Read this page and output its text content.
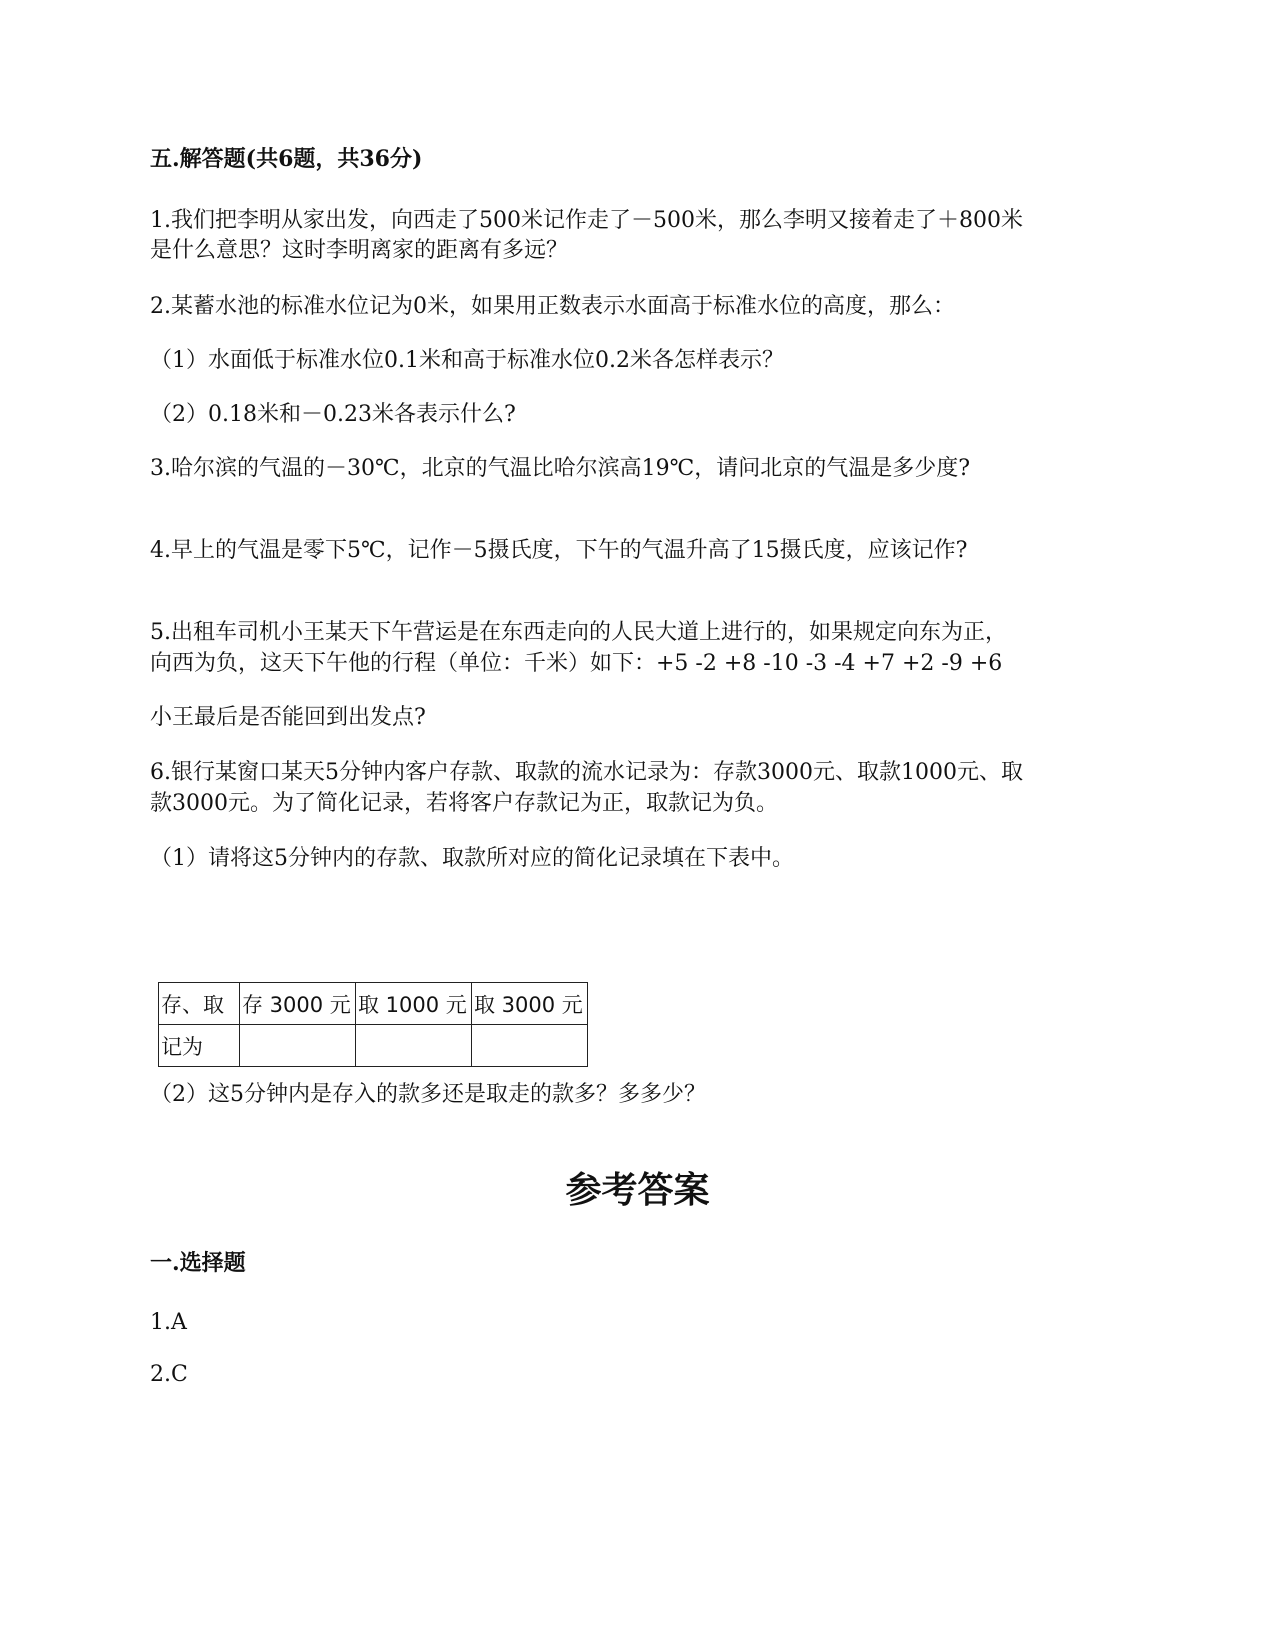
五.解答题(共6题，共36分)
1.我们把李明从家出发，向西走了500米记作走了－500米，那么李明又接着走了＋800米
是什么意思？这时李明离家的距离有多远？
2.某蓄水池的标准水位记为0米，如果用正数表示水面高于标准水位的高度，那么：
（1）水面低于标准水位0.1米和高于标准水位0.2米各怎样表示？
（2）0.18米和－0.23米各表示什么?
3.哈尔滨的气温的－30℃，北京的气温比哈尔滨高19℃，请问北京的气温是多少度?
4.早上的气温是零下5℃，记作－5摄氏度，下午的气温升高了15摄氏度，应该记作?
5.出租车司机小王某天下午营运是在东西走向的人民大道上进行的，如果规定向东为正，
向西为负，这天下午他的行程（单位：千米）如下：+5 -2 +8 -10 -3 -4 +7 +2 -9 +6
小王最后是否能回到出发点?
6.银行某窗口某天5分钟内客户存款、取款的流水记录为：存款3000元、取款1000元、取
款3000元。为了简化记录，若将客户存款记为正，取款记为负。
（1）请将这5分钟内的存款、取款所对应的简化记录填在下表中。
存、取	存 3000 元	取 1000 元	取 3000 元
记为			
（2）这5分钟内是存入的款多还是取走的款多？多多少？
参考答案
一.选择题
1.A
2.C
